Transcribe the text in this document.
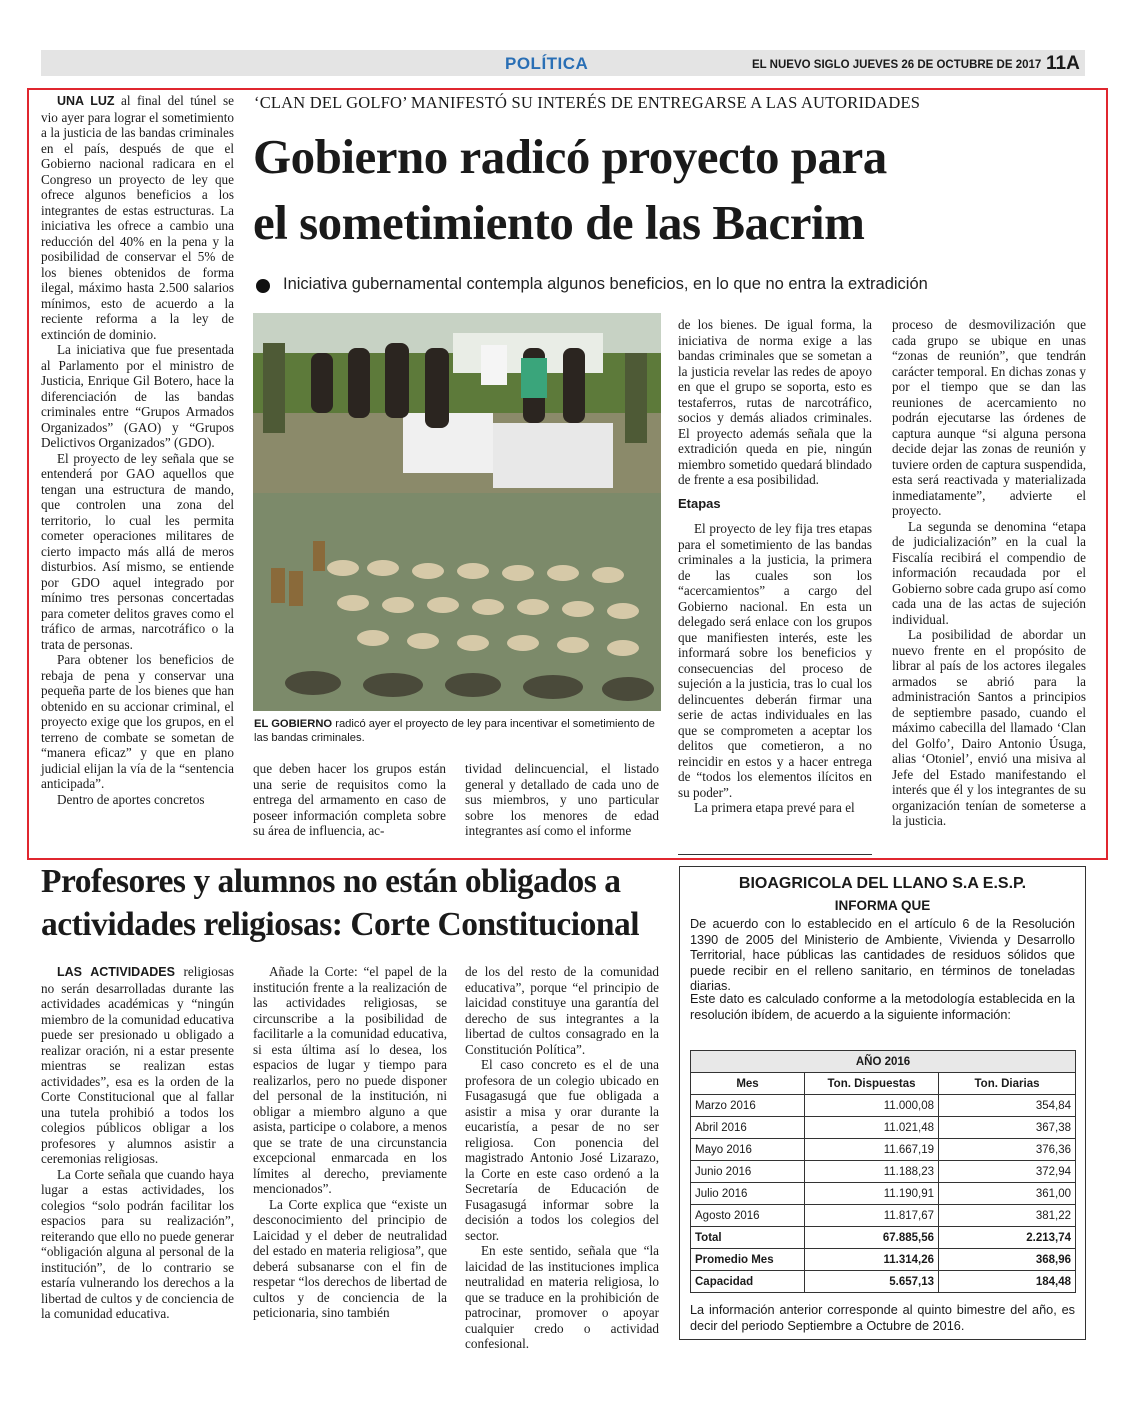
POLÍTICA	EL NUEVO SIGLO JUEVES 26 DE OCTUBRE DE 2017 11A
‘CLAN DEL GOLFO’ MANIFESTÓ SU INTERÉS DE ENTREGARSE A LAS AUTORIDADES
Gobierno radicó proyecto para
el sometimiento de las Bacrim
Iniciativa gubernamental contempla algunos beneficios, en lo que no entra la extradición
EL GOBIERNO radicó ayer el proyecto de ley para incentivar el sometimiento de las bandas criminales.

UNA LUZ al final del túnel se vio ayer para lograr el sometimiento a la justicia de las bandas criminales en el país, después de que el Gobierno nacional radicara en el Congreso un proyecto de ley que ofrece algunos beneficios a los integrantes de estas estructuras. La iniciativa les ofrece a cambio una reducción del 40% en la pena y la posibilidad de conservar el 5% de los bienes obtenidos de forma ilegal, máximo hasta 2.500 salarios mínimos, esto de acuerdo a la reciente reforma a la ley de extinción de dominio.

La iniciativa que fue presentada al Parlamento por el ministro de Justicia, Enrique Gil Botero, hace la diferenciación de las bandas criminales entre “Grupos Armados Organizados” (GAO) y “Grupos Delictivos Organizados” (GDO).

El proyecto de ley señala que se entenderá por GAO aquellos que tengan una estructura de mando, que controlen una zona del territorio, lo cual les permita cometer operaciones militares de cierto impacto más allá de meros disturbios. Así mismo, se entiende por GDO aquel integrado por mínimo tres personas concertadas para cometer delitos graves como el tráfico de armas, narcotráfico o la trata de personas.

Para obtener los beneficios de rebaja de pena y conservar una pequeña parte de los bienes que han obtenido en su accionar criminal, el proyecto exige que los grupos, en el terreno de combate se sometan de “manera eficaz” y que en plano judicial elijan la vía de la “sentencia anticipada”.

Dentro de aportes concretos

que deben hacer los grupos están una serie de requisitos como la entrega del armamento en caso de poseer información completa sobre su área de influencia, ac-

tividad delincuencial, el listado general y detallado de cada uno de sus miembros, y uno particular sobre los menores de edad integrantes así como el informe

de los bienes. De igual forma, la iniciativa de norma exige a las bandas criminales que se sometan a la justicia revelar las redes de apoyo en que el grupo se soporta, esto es testaferros, rutas de narcotráfico, socios y demás aliados criminales. El proyecto además señala que la extradición queda en pie, ningún miembro sometido quedará blindado de frente a esa posibilidad.

Etapas

El proyecto de ley fija tres etapas para el sometimiento de las bandas criminales a la justicia, la primera de las cuales son los “acercamientos” a cargo del Gobierno nacional. En esta un delegado será enlace con los grupos que manifiesten interés, este les informará sobre los beneficios y consecuencias del proceso de sujeción a la justicia, tras lo cual los delincuentes deberán firmar una serie de actas individuales en las que se comprometen a aceptar los delitos que cometieron, a no reincidir en estos y a hacer entrega de “todos los elementos ilícitos en su poder”.

La primera etapa prevé para el

proceso de desmovilización que cada grupo se ubique en unas “zonas de reunión”, que tendrán carácter temporal. En dichas zonas y por el tiempo que se dan las reuniones de acercamiento no podrán ejecutarse las órdenes de captura aunque “si alguna persona decide dejar las zonas de reunión y tuviere orden de captura suspendida, esta será reactivada y materializada inmediatamente”, advierte el proyecto.

La segunda se denomina “etapa de judicialización” en la cual la Fiscalía recibirá el compendio de información recaudada por el Gobierno sobre cada grupo así como cada una de las actas de sujeción individual.

La posibilidad de abordar un nuevo frente en el propósito de librar al país de los actores ilegales armados se abrió para la administración Santos a principios de septiembre pasado, cuando el máximo cabecilla del llamado ‘Clan del Golfo’, Dairo Antonio Úsuga, alias ‘Otoniel’, envió una misiva al Jefe del Estado manifestando el interés que él y los integrantes de su organización tenían de someterse a la justicia.

Profesores y alumnos no están obligados a
actividades religiosas: Corte Constitucional

LAS ACTIVIDADES religiosas no serán desarrolladas durante las actividades académicas y “ningún miembro de la comunidad educativa puede ser presionado u obligado a realizar oración, ni a estar presente mientras se realizan estas actividades”, esa es la orden de la Corte Constitucional que al fallar una tutela prohibió a todos los colegios públicos obligar a los profesores y alumnos asistir a ceremonias religiosas.

La Corte señala que cuando haya lugar a estas actividades, los colegios “solo podrán facilitar los espacios para su realización”, reiterando que ello no puede generar “obligación alguna al personal de la institución”, de lo contrario se estaría vulnerando los derechos a la libertad de cultos y de conciencia de la comunidad educativa.

Añade la Corte: “el papel de la institución frente a la realización de las actividades religiosas, se circunscribe a la posibilidad de facilitarle a la comunidad educativa, si esta última así lo desea, los espacios de lugar y tiempo para realizarlos, pero no puede disponer del personal de la institución, ni obligar a miembro alguno a que asista, participe o colabore, a menos que se trate de una circunstancia excepcional enmarcada en los límites al derecho, previamente mencionados”.

La Corte explica que “existe un desconocimiento del principio de Laicidad y el deber de neutralidad del estado en materia religiosa”, que deberá subsanarse con el fin de respetar “los derechos de libertad de cultos y de conciencia de la peticionaria, sino también

de los del resto de la comunidad educativa”, porque “el principio de laicidad constituye una garantía del derecho de sus integrantes a la libertad de cultos consagrado en la Constitución Política”.

El caso concreto es el de una profesora de un colegio ubicado en Fusagasugá que fue obligada a asistir a misa y orar durante la eucaristía, a pesar de no ser religiosa. Con ponencia del magistrado Antonio José Lizarazo, la Corte en este caso ordenó a la Secretaría de Educación de Fusagasugá informar sobre la decisión a todos los colegios del sector.

En este sentido, señala que “la laicidad de las instituciones implica neutralidad en materia religiosa, lo que se traduce en la prohibición de patrocinar, promover o apoyar cualquier credo o actividad confesional.

BIOAGRICOLA DEL LLANO S.A E.S.P.
INFORMA QUE
De acuerdo con lo establecido en el artículo 6 de la Resolución 1390 de 2005 del Ministerio de Ambiente, Vivienda y Desarrollo Territorial, hace públicas las cantidades de residuos sólidos que puede recibir en el relleno sanitario, en términos de toneladas diarias.
Este dato es calculado conforme a la metodología establecida en la resolución ibídem, de acuerdo a la siguiente información:
AÑO 2016		
Mes	Ton. Dispuestas	Ton. Diarias
Marzo 2016	11.000,08	354,84
Abril 2016	11.021,48	367,38
Mayo 2016	11.667,19	376,36
Junio 2016	11.188,23	372,94
Julio 2016	11.190,91	361,00
Agosto 2016	11.817,67	381,22
Total	67.885,56	2.213,74
Promedio Mes	11.314,26	368,96
Capacidad	5.657,13	184,48
La información anterior corresponde al quinto bimestre del año, es decir del periodo Septiembre a Octubre de 2016.
